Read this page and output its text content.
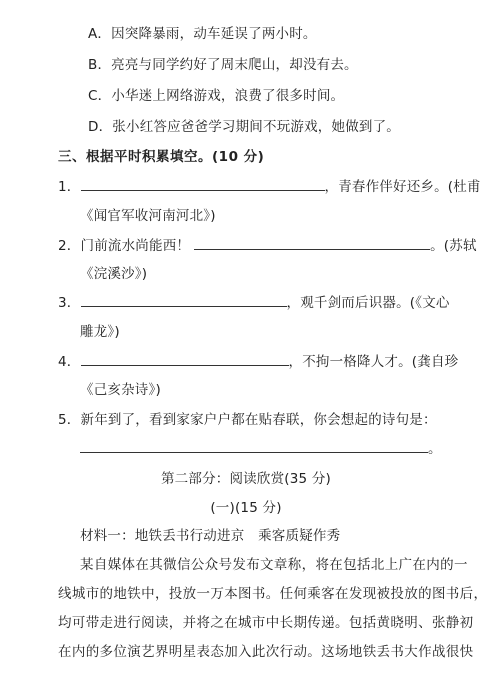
A．因突降暴雨，动车延误了两小时。
B．亮亮与同学约好了周末爬山，却没有去。
C．小华迷上网络游戏，浪费了很多时间。
D．张小红答应爸爸学习期间不玩游戏，她做到了。
三、根据平时积累填空。(10 分)
1．	，青春作伴好还乡。(杜甫
《闻官军收河南河北》)
2．门前流水尚能西！	。(苏轼
《浣溪沙》)
3．	，观千剑而后识器。(《文心
雕龙》)
4．	，不拘一格降人才。(龚自珍
《己亥杂诗》)
5．新年到了，看到家家户户都在贴春联，你会想起的诗句是：
。
第二部分：阅读欣赏(35 分)
(一)(15 分)
材料一：地铁丢书行动进京　乘客质疑作秀
某自媒体在其微信公众号发布文章称，将在包括北上广在内的一
线城市的地铁中，投放一万本图书。任何乘客在发现被投放的图书后，
均可带走进行阅读，并将之在城市中长期传递。包括黄晓明、张静初
在内的多位演艺界明星表态加入此次行动。这场地铁丢书大作战很快
